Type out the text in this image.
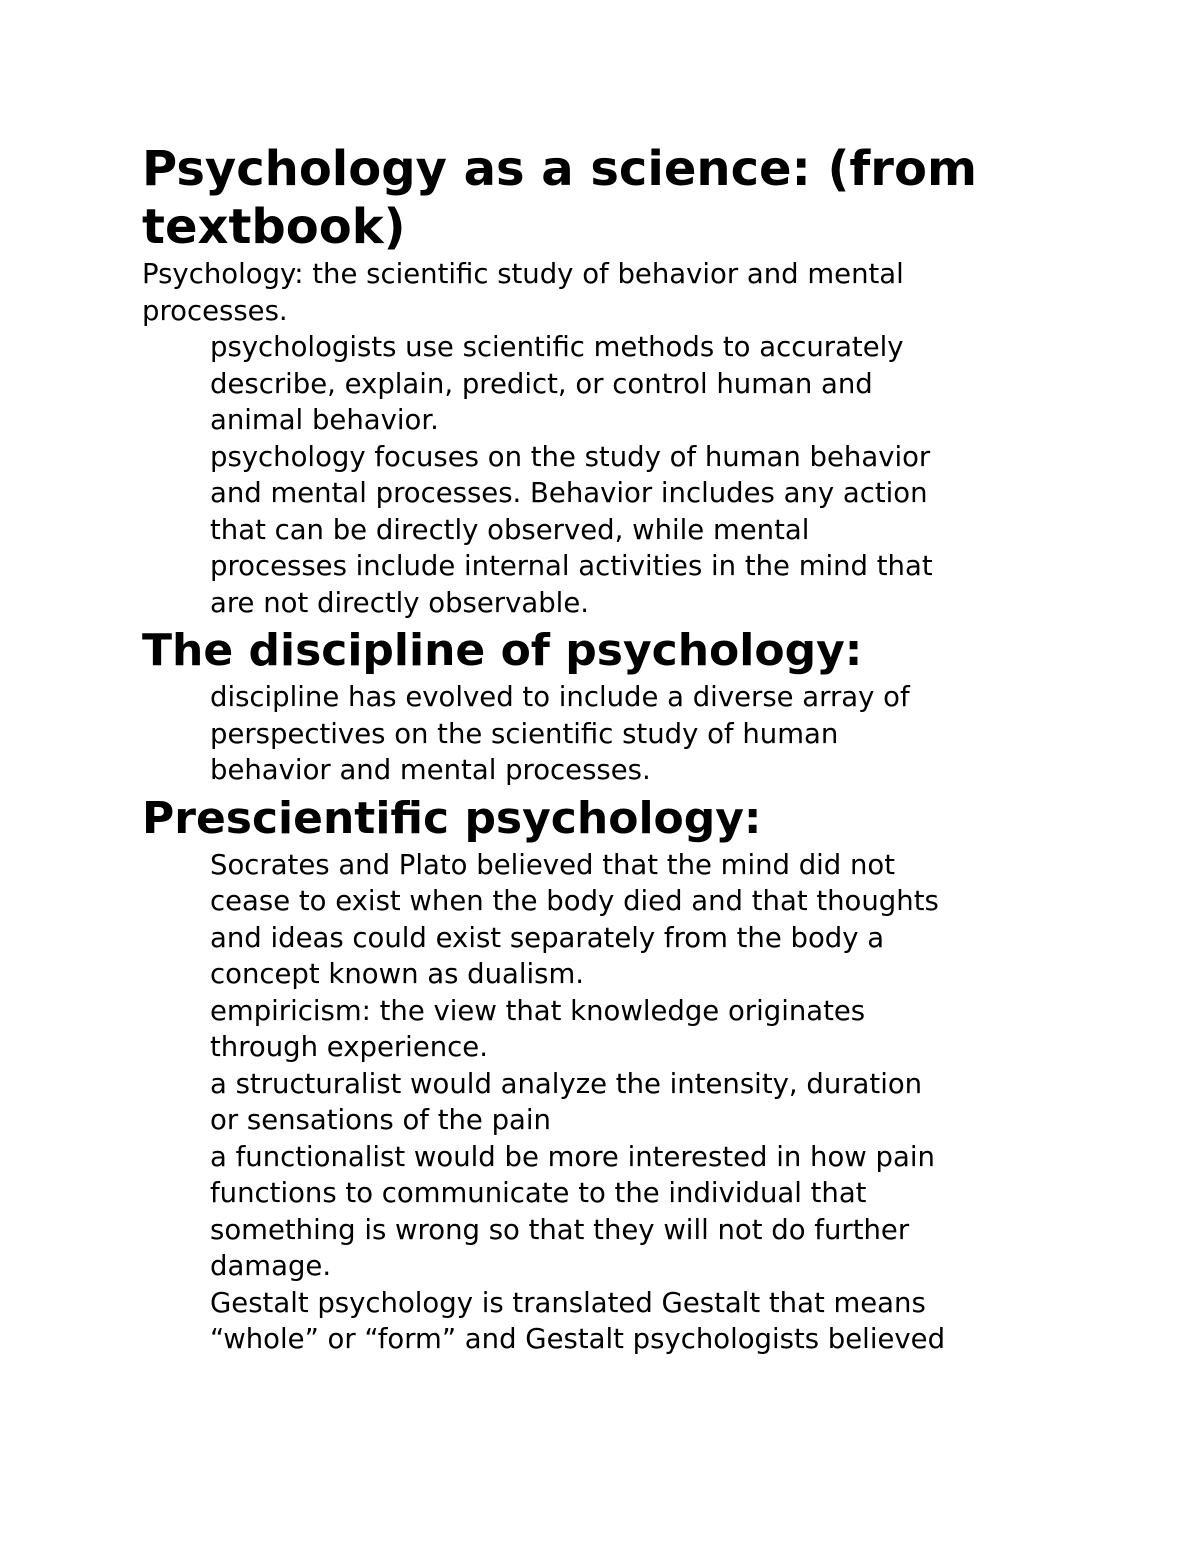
Psychology as a science: (from
textbook)
Psychology: the scientific study of behavior and mental
processes.
psychologists use scientific methods to accurately
describe, explain, predict, or control human and
animal behavior.
psychology focuses on the study of human behavior
and mental processes. Behavior includes any action
that can be directly observed, while mental
processes include internal activities in the mind that
are not directly observable.
The discipline of psychology:
discipline has evolved to include a diverse array of
perspectives on the scientific study of human
behavior and mental processes.
Prescientific psychology:
Socrates and Plato believed that the mind did not
cease to exist when the body died and that thoughts
and ideas could exist separately from the body a
concept known as dualism.
empiricism: the view that knowledge originates
through experience.
a structuralist would analyze the intensity, duration
or sensations of the pain
a functionalist would be more interested in how pain
functions to communicate to the individual that
something is wrong so that they will not do further
damage.
Gestalt psychology is translated Gestalt that means
“whole” or “form” and Gestalt psychologists believed
